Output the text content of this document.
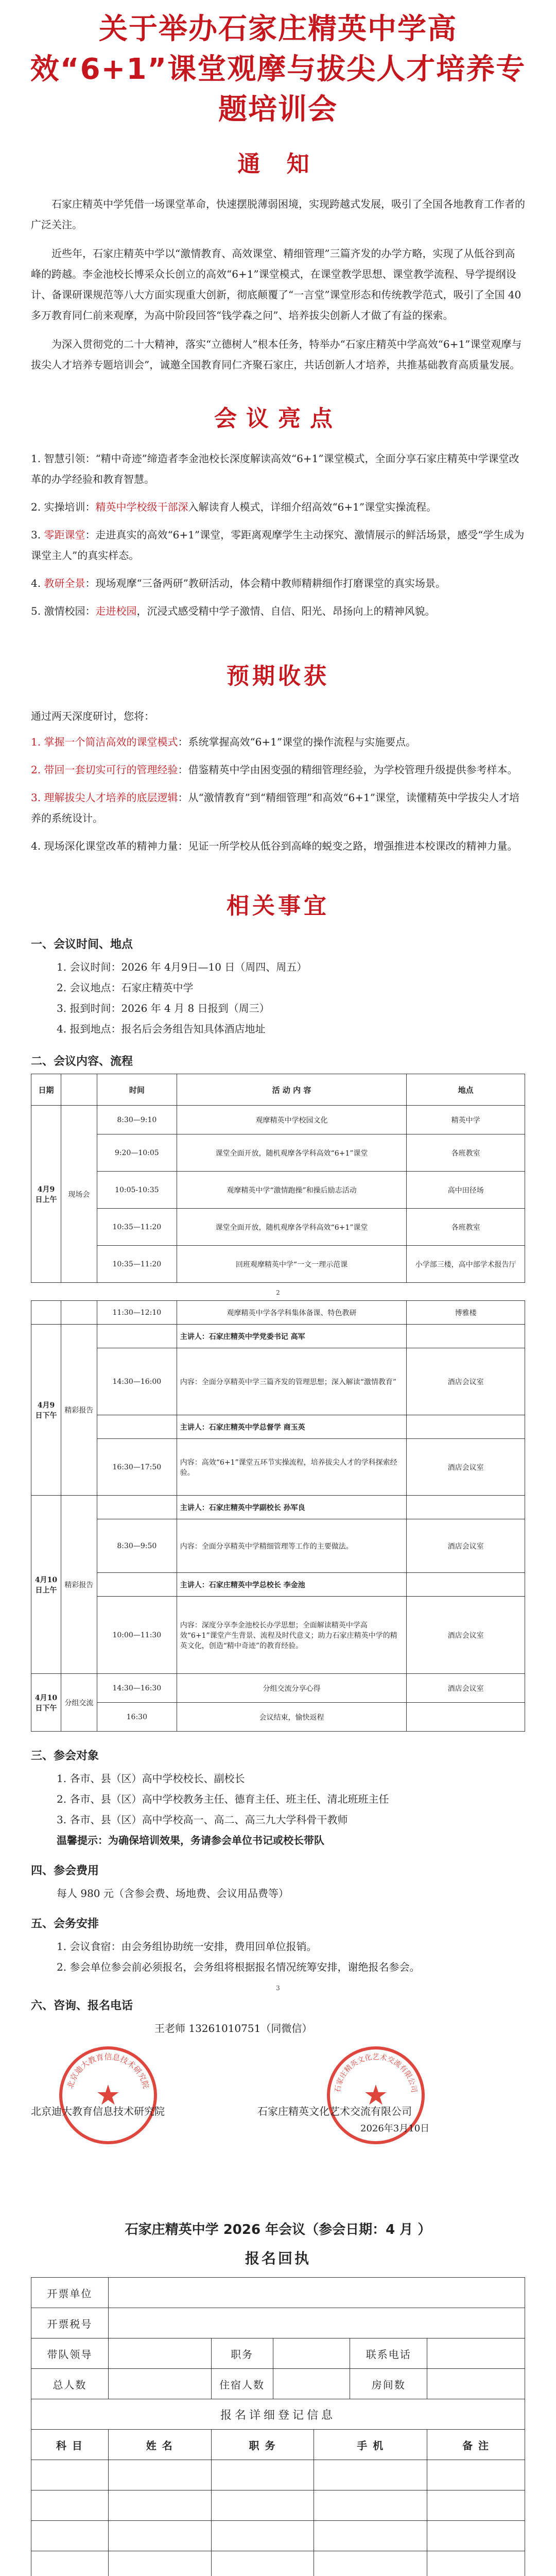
关于举办石家庄精英中学高效“6+1”课堂观摩与拔尖人才培养专题培训会
通 知

石家庄精英中学凭借一场课堂革命，快速摆脱薄弱困境，实现跨越式发展，吸引了全国各地教育工作者的广泛关注。

近些年，石家庄精英中学以“激情教育、高效课堂、精细管理”三篇齐发的办学方略，实现了从低谷到高峰的跨越。李金池校长博采众长创立的高效“6+1”课堂模式，在课堂教学思想、课堂教学流程、导学提纲设计、备课研课规范等八大方面实现重大创新，彻底颠覆了“一言堂”课堂形态和传统教学范式，吸引了全国 40 多万教育同仁前来观摩，为高中阶段回答“钱学森之问”、培养拔尖创新人才做了有益的探索。

为深入贯彻党的二十大精神，落实“立德树人”根本任务，特举办“石家庄精英中学高效“6+1”课堂观摩与拔尖人才培养专题培训会”，诚邀全国教育同仁齐聚石家庄，共话创新人才培养，共推基础教育高质量发展。

会议亮点
1. 智慧引领：“精中奇迹”缔造者李金池校长深度解读高效“6+1”课堂模式，全面分享石家庄精英中学课堂改革的办学经验和教育智慧。
2. 实操培训：精英中学校级干部深入解读育人模式，详细介绍高效“6+1”课堂实操流程。
3. 零距课堂：走进真实的高效“6+1”课堂，零距离观摩学生主动探究、激情展示的鲜活场景，感受“学生成为课堂主人”的真实样态。
4. 教研全景：现场观摩“三备两研”教研活动，体会精中教师精耕细作打磨课堂的真实场景。
5. 激情校园：走进校园，沉浸式感受精中学子激情、自信、阳光、昂扬向上的精神风貌。
预期收获

通过两天深度研讨，您将：

1. 掌握一个简洁高效的课堂模式：系统掌握高效“6+1”课堂的操作流程与实施要点。
2. 带回一套切实可行的管理经验：借鉴精英中学由困变强的精细管理经验，为学校管理升级提供参考样本。
3. 理解拔尖人才培养的底层逻辑：从“激情教育”到“精细管理”和高效“6+1”课堂，读懂精英中学拔尖人才培养的系统设计。
4. 现场深化课堂改革的精神力量：见证一所学校从低谷到高峰的蜕变之路，增强推进本校课改的精神力量。
相关事宜
一、会议时间、地点
1. 会议时间：2026 年 4月9日—10 日（周四、周五）
2. 会议地点：石家庄精英中学
3. 报到时间：2026 年 4 月 8 日报到（周三）
4. 报到地点：报名后会务组告知具体酒店地址
二、会议内容、流程
日期		时间	活 动 内 容	地点
4月9日上午	现场会	8:30—9:10	观摩精英中学校园文化	精英中学
		9:20—10:05	课堂全面开放，随机观摩各学科高效“6+1”课堂	各班教室
		10:05-10:35	观摩精英中学“激情跑操”和操后励志活动	高中田径场
		10:35—11:20	课堂全面开放，随机观摩各学科高效“6+1”课堂	各班教室
		10:35—11:20	回班观摩精英中学“一文一理示范课	小学部三楼，高中部学术报告厅
2
		11:30—12:10	观摩精英中学各学科集体备课、特色教研	博雅楼
4月9日下午	精彩报告		主讲人：石家庄精英中学党委书记 高军	
		14:30—16:00	内容：全面分享精英中学三篇齐发的管理思想；深入解读“激情教育”	酒店会议室
			主讲人：石家庄精英中学总督学 商玉英	
		16:30—17:50	内容：高效“6+1”课堂五环节实操流程，培养拔尖人才的学科探索经验。	酒店会议室
4月10日上午	精彩报告		主讲人：石家庄精英中学副校长 孙军良	
		8:30—9:50	内容：全面分享精英中学精细管理等工作的主要做法。	酒店会议室
			主讲人：石家庄精英中学总校长 李金池	
		10:00—11:30	内容：深度分享李金池校长办学思想；全面解读精英中学高效“6+1”课堂产生背景、流程及时代意义；助力石家庄精英中学的精英文化，创造“精中奇迹”的教育经验。	酒店会议室
4月10日下午	分组交流	14:30—16:30	分组交流分享心得	酒店会议室
		16:30	会议结束，愉快返程	
三、参会对象
1. 各市、县（区）高中学校校长、副校长
2. 各市、县（区）高中学校教务主任、德育主任、班主任、清北班班主任
3. 各市、县（区）高中学校高一、高二、高三九大学科骨干教师
温馨提示：为确保培训效果，务请参会单位书记或校长带队
四、参会费用
每人 980 元（含参会费、场地费、会议用品费等）
五、会务安排
1. 会议食宿：由会务组协助统一安排，费用回单位报销。
2. 参会单位参会前必须报名，会务组将根据报名情况统筹安排，谢绝报名参会。
3
六、咨询、报名电话
王老师 13261010751（同微信）
北京迪大教育信息技术研究院
★
北京迪大教育信息技术研究院
石家庄精英文化艺术交流有限公司
★
石家庄精英文化艺术交流有限公司
2026年3月10日
石家庄精英中学 2026 年会议（参会日期：4 月 ）
报名回执
开票单位					
开票税号					
带队领导		职务		联系电话	
总人数		住宿人数		房间数	
报名详细登记信息				
科 目	姓 名	职 务	手 机	备 注
